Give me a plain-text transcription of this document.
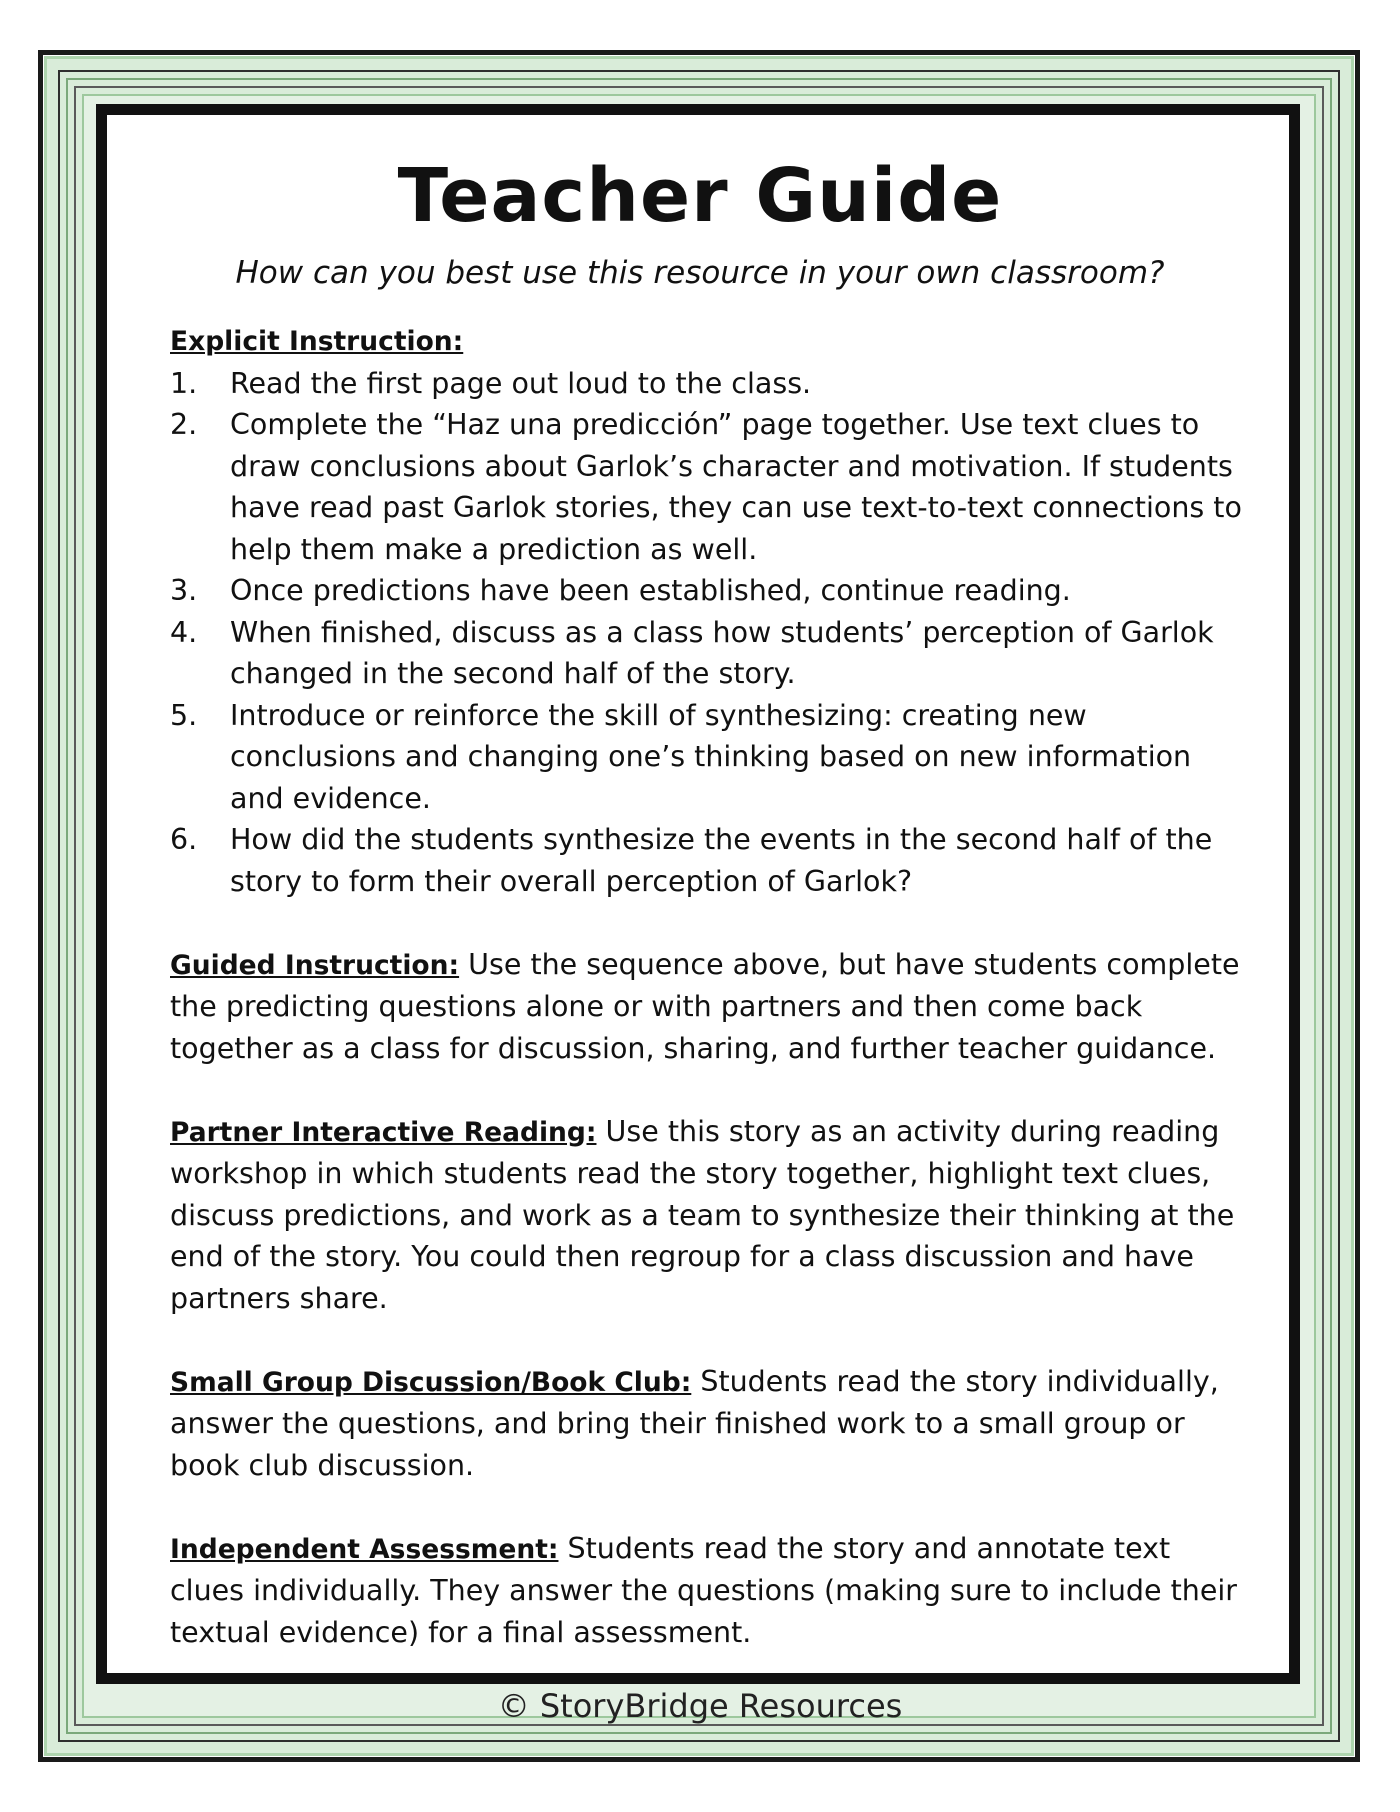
Teacher Guide
How can you best use this resource in your own classroom?
Explicit Instruction:
1. Read the first page out loud to the class.
2. Complete the “Haz una predicción” page together. Use text clues to draw conclusions about Garlok’s character and motivation. If students have read past Garlok stories, they can use text-to-text connections to help them make a prediction as well.
3. Once predictions have been established, continue reading.
4. When finished, discuss as a class how students’ perception of Garlok changed in the second half of the story.
5. Introduce or reinforce the skill of synthesizing: creating new conclusions and changing one’s thinking based on new information and evidence.
6. How did the students synthesize the events in the second half of the story to form their overall perception of Garlok?

Guided Instruction: Use the sequence above, but have students complete the predicting questions alone or with partners and then come back together as a class for discussion, sharing, and further teacher guidance.

Partner Interactive Reading: Use this story as an activity during reading workshop in which students read the story together, highlight text clues, discuss predictions, and work as a team to synthesize their thinking at the end of the story. You could then regroup for a class discussion and have partners share.

Small Group Discussion/Book Club: Students read the story individually, answer the questions, and bring their finished work to a small group or book club discussion.

Independent Assessment: Students read the story and annotate text clues individually. They answer the questions (making sure to include their textual evidence) for a final assessment.

© StoryBridge Resources
